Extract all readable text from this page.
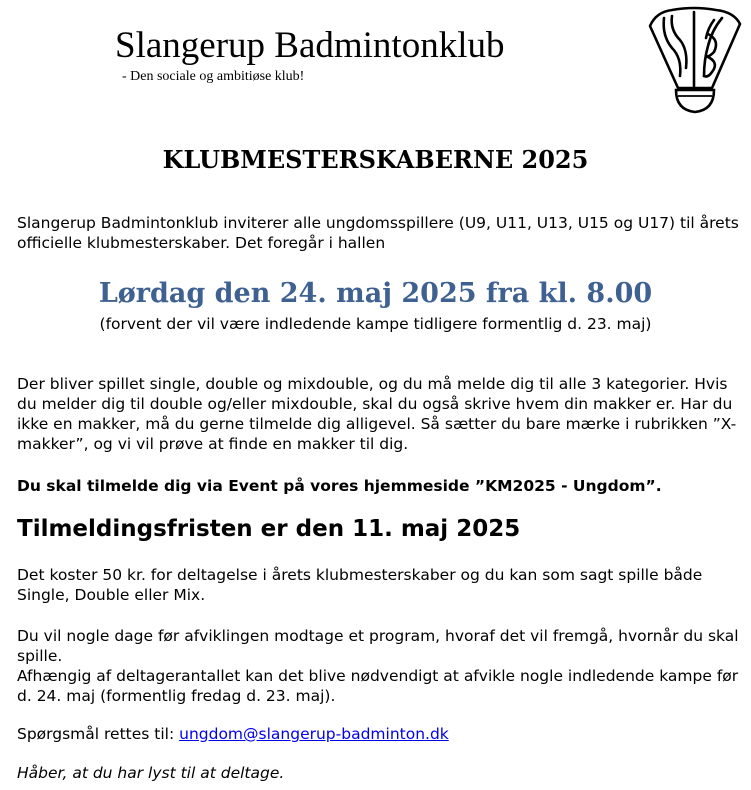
Slangerup Badmintonklub
- Den sociale og ambitiøse klub!
KLUBMESTERSKABERNE 2025
Slangerup Badmintonklub inviterer alle ungdomsspillere (U9, U11, U13, U15 og U17) til årets officielle klubmesterskaber. Det foregår i hallen
Lørdag den 24. maj 2025 fra kl. 8.00
(forvent der vil være indledende kampe tidligere formentlig d. 23. maj)
Der bliver spillet single, double og mixdouble, og du må melde dig til alle 3 kategorier. Hvis du melder dig til double og/eller mixdouble, skal du også skrive hvem din makker er. Har du ikke en makker, må du gerne tilmelde dig alligevel. Så sætter du bare mærke i rubrikken ”X- makker”, og vi vil prøve at finde en makker til dig.
Du skal tilmelde dig via Event på vores hjemmeside ”KM2025 - Ungdom”.
Tilmeldingsfristen er den 11. maj 2025
Det koster 50 kr. for deltagelse i årets klubmesterskaber og du kan som sagt spille både Single, Double eller Mix.
Du vil nogle dage før afviklingen modtage et program, hvoraf det vil fremgå, hvornår du skal spille.
Afhængig af deltagerantallet kan det blive nødvendigt at afvikle nogle indledende kampe før d. 24. maj (formentlig fredag d. 23. maj).
Spørgsmål rettes til: ungdom@slangerup-badminton.dk
Håber, at du har lyst til at deltage.
